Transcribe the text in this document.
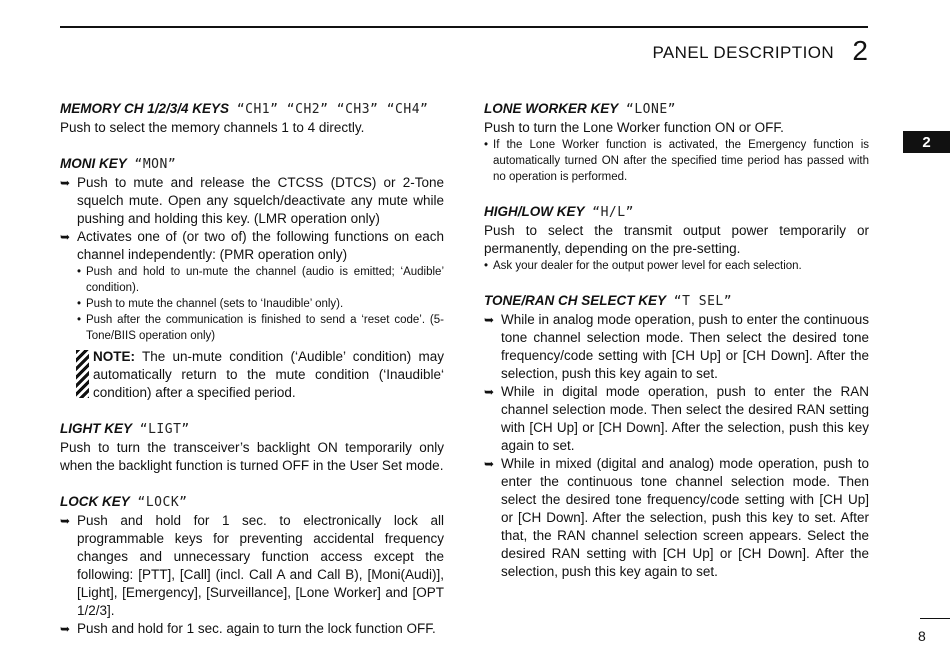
PANEL DESCRIPTION 2
2
MEMORY CH 1/2/3/4 KEYS “CH1” “CH2” “CH3” “CH4”
Push to select the memory channels 1 to 4 directly.
MONI KEY “MON”
➥ Push to mute and release the CTCSS (DTCS) or 2-Tone squelch mute. Open any squelch/deactivate any mute while pushing and holding this key. (LMR operation only)
➥ Activates one of (or two of) the following functions on each channel independently: (PMR operation only)
• Push and hold to un-mute the channel (audio is emitted; ‘Audible’ condition).
• Push to mute the channel (sets to ‘Inaudible’ only).
• Push after the communication is finished to send a ‘reset code’. (5-Tone/BIIS operation only)
NOTE: The un-mute condition (‘Audible’ condition) may automatically return to the mute condition (‘Inaudible‘ condition) after a specified period.
LIGHT KEY “LIGT”
Push to turn the transceiver’s backlight ON temporarily only when the backlight function is turned OFF in the User Set mode.
LOCK KEY “LOCK”
➥ Push and hold for 1 sec. to electronically lock all programmable keys for preventing accidental frequency changes and unnecessary function access except the following: [PTT], [Call] (incl. Call A and Call B), [Moni(Audi)], [Light], [Emergency], [Surveillance], [Lone Worker] and [OPT 1/2/3].
➥ Push and hold for 1 sec. again to turn the lock function OFF.
LONE WORKER KEY “LONE”
Push to turn the Lone Worker function ON or OFF.
• If the Lone Worker function is activated, the Emergency function is automatically turned ON after the specified time period has passed with no operation is performed.
HIGH/LOW KEY “H/L”
Push to select the transmit output power temporarily or permanently, depending on the pre-setting.
• Ask your dealer for the output power level for each selection.
TONE/RAN CH SELECT KEY “T SEL”
➥ While in analog mode operation, push to enter the continuous tone channel selection mode. Then select the desired tone frequency/code setting with [CH Up] or [CH Down]. After the selection, push this key again to set.
➥ While in digital mode operation, push to enter the RAN channel selection mode. Then select the desired RAN setting with [CH Up] or [CH Down]. After the selection, push this key again to set.
➥ While in mixed (digital and analog) mode operation, push to enter the continuous tone channel selection mode. Then select the desired tone frequency/code setting with [CH Up] or [CH Down]. After the selection, push this key to set. After that, the RAN channel selection screen appears. Select the desired RAN setting with [CH Up] or [CH Down]. After the selection, push this key again to set.
8
